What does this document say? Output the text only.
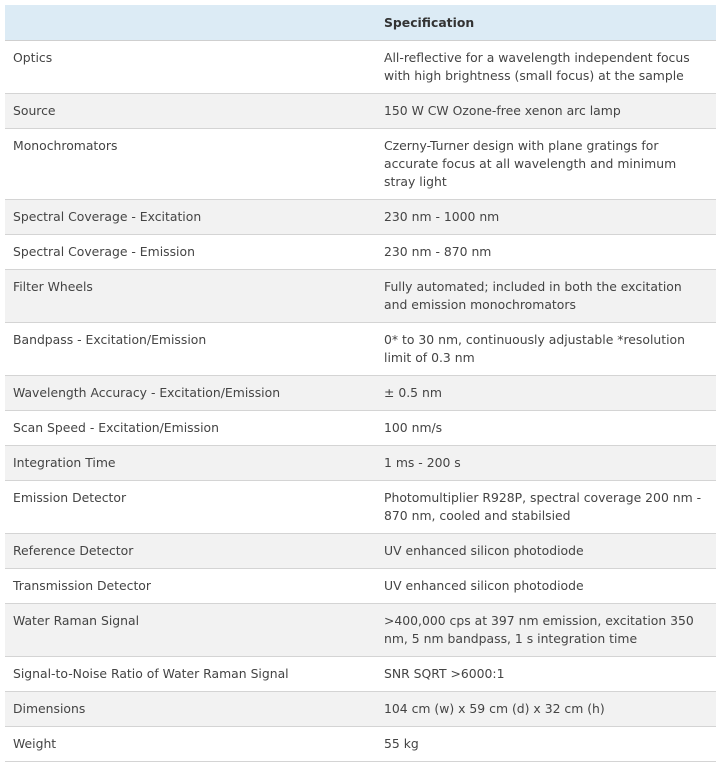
	Specification
Optics	All-reflective for a wavelength independent focus with high brightness (small focus) at the sample
Source	150 W CW Ozone-free xenon arc lamp
Monochromators	Czerny-Turner design with plane gratings for accurate focus at all wavelength and minimum stray light
Spectral Coverage - Excitation	230 nm - 1000 nm
Spectral Coverage - Emission	230 nm - 870 nm
Filter Wheels	Fully automated; included in both the excitation and emission monochromators
Bandpass - Excitation/Emission	0* to 30 nm, continuously adjustable *resolution limit of 0.3 nm
Wavelength Accuracy - Excitation/Emission	± 0.5 nm
Scan Speed - Excitation/Emission	100 nm/s
Integration Time	1 ms - 200 s
Emission Detector	Photomultiplier R928P, spectral coverage 200 nm - 870 nm, cooled and stabilsied
Reference Detector	UV enhanced silicon photodiode
Transmission Detector	UV enhanced silicon photodiode
Water Raman Signal	>400,000 cps at 397 nm emission, excitation 350 nm, 5 nm bandpass, 1 s integration time
Signal-to-Noise Ratio of Water Raman Signal	SNR SQRT >6000:1
Dimensions	104 cm (w) x 59 cm (d) x 32 cm (h)
Weight	55 kg
